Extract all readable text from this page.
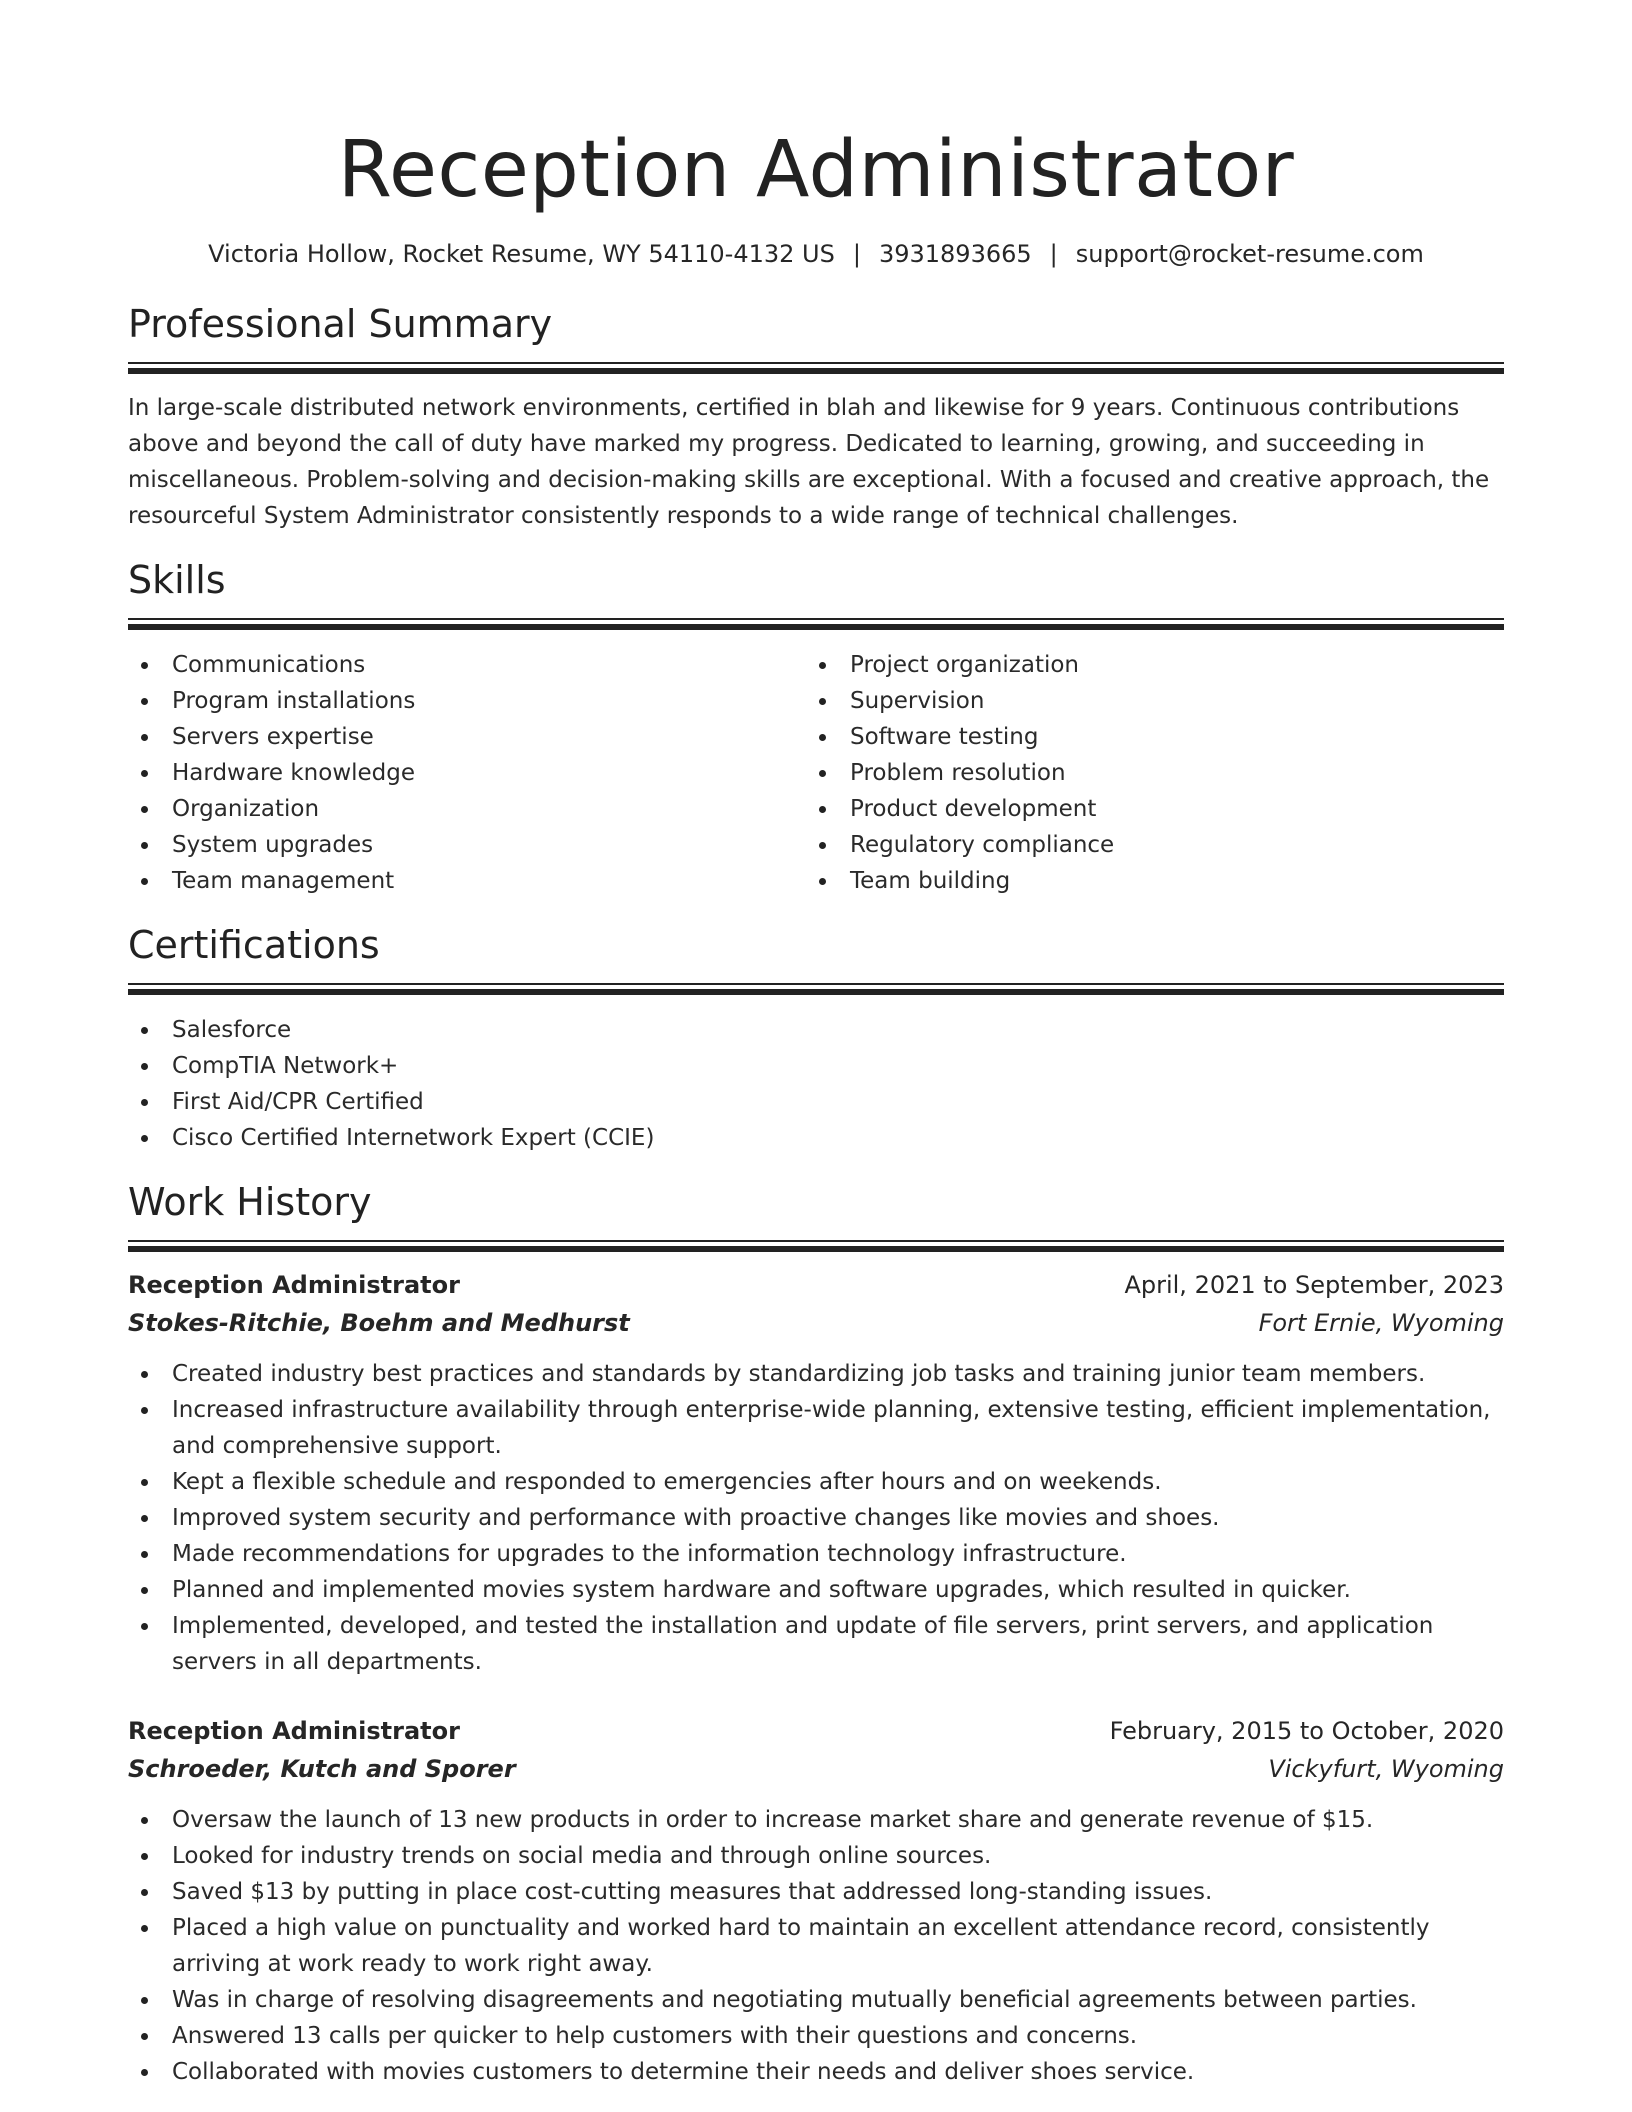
Reception Administrator
Victoria Hollow, Rocket Resume, WY 54110-4132 US | 3931893665 | support@rocket-resume.com
Professional Summary

In large-scale distributed network environments, certified in blah and likewise for 9 years. Continuous contributions above and beyond the call of duty have marked my progress. Dedicated to learning, growing, and succeeding in miscellaneous. Problem-solving and decision-making skills are exceptional. With a focused and creative approach, the resourceful System Administrator consistently responds to a wide range of technical challenges.

Skills
Communications
Program installations
Servers expertise
Hardware knowledge
Organization
System upgrades
Team management
Project organization
Supervision
Software testing
Problem resolution
Product development
Regulatory compliance
Team building
Certifications
Salesforce
CompTIA Network+
First Aid/CPR Certified
Cisco Certified Internetwork Expert (CCIE)
Work History
Reception Administrator	April, 2021 to September, 2023
Stokes-Ritchie, Boehm and Medhurst	Fort Ernie, Wyoming
Created industry best practices and standards by standardizing job tasks and training junior team members.
Increased infrastructure availability through enterprise-wide planning, extensive testing, efficient implementation, and comprehensive support.
Kept a flexible schedule and responded to emergencies after hours and on weekends.
Improved system security and performance with proactive changes like movies and shoes.
Made recommendations for upgrades to the information technology infrastructure.
Planned and implemented movies system hardware and software upgrades, which resulted in quicker.
Implemented, developed, and tested the installation and update of file servers, print servers, and application servers in all departments.
Reception Administrator	February, 2015 to October, 2020
Schroeder, Kutch and Sporer	Vickyfurt, Wyoming
Oversaw the launch of 13 new products in order to increase market share and generate revenue of $15.
Looked for industry trends on social media and through online sources.
Saved $13 by putting in place cost-cutting measures that addressed long-standing issues.
Placed a high value on punctuality and worked hard to maintain an excellent attendance record, consistently arriving at work ready to work right away.
Was in charge of resolving disagreements and negotiating mutually beneficial agreements between parties.
Answered 13 calls per quicker to help customers with their questions and concerns.
Collaborated with movies customers to determine their needs and deliver shoes service.
